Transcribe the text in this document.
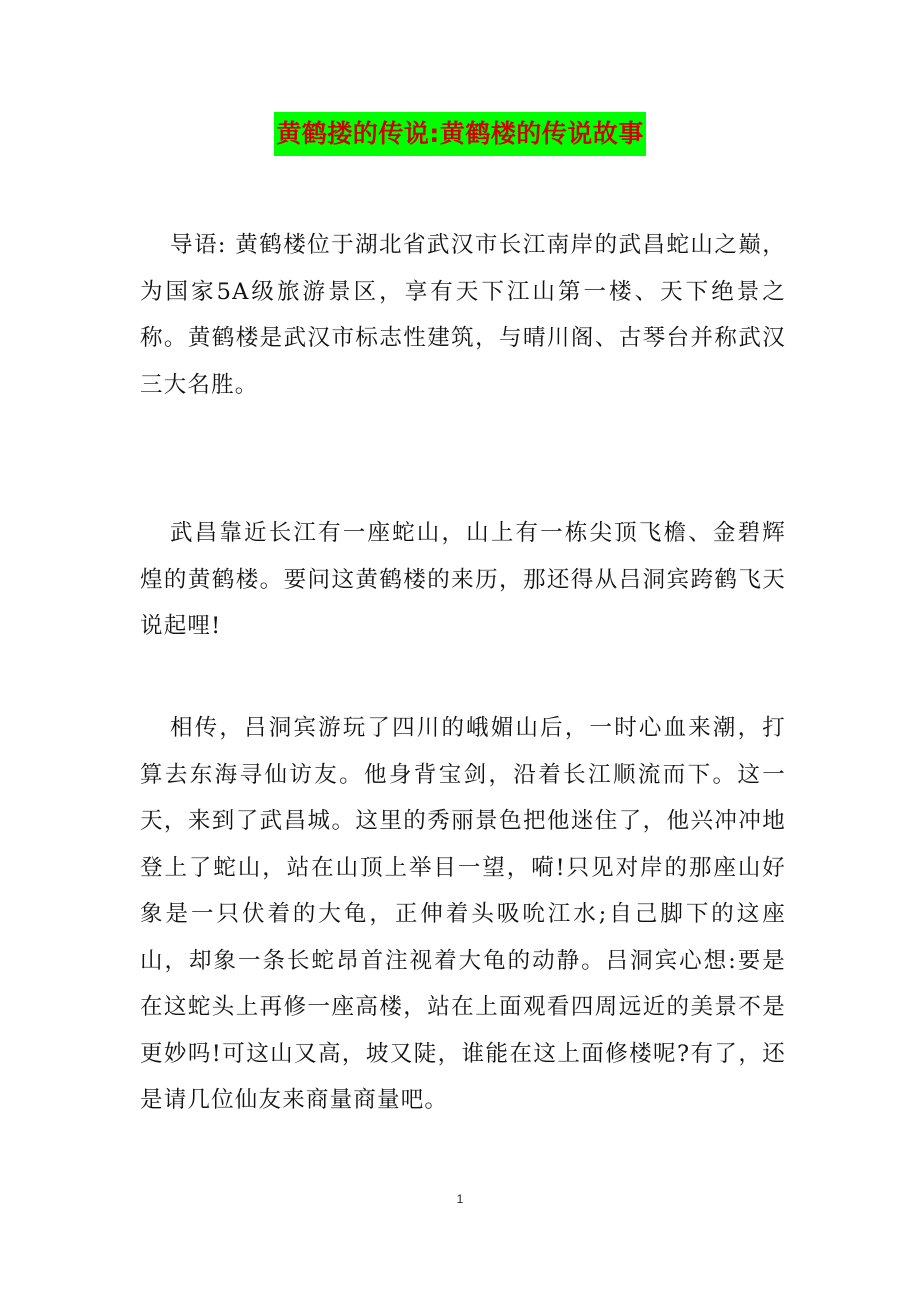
黄鹤搂的传说:黄鹤楼的传说故事

导语: 黄鹤楼位于湖北省武汉市长江南岸的武昌蛇山之巅，为国家5A级旅游景区，享有天下江山第一楼、天下绝景之称。黄鹤楼是武汉市标志性建筑，与晴川阁、古琴台并称武汉三大名胜。

武昌靠近长江有一座蛇山，山上有一栋尖顶飞檐、金碧辉煌的黄鹤楼。要问这黄鹤楼的来历，那还得从吕洞宾跨鹤飞天说起哩!

相传，吕洞宾游玩了四川的峨媚山后，一时心血来潮，打算去东海寻仙访友。他身背宝剑，沿着长江顺流而下。这一天，来到了武昌城。这里的秀丽景色把他迷住了，他兴冲冲地登上了蛇山，站在山顶上举目一望，嗬!只见对岸的那座山好象是一只伏着的大龟，正伸着头吸吮江水;自己脚下的这座山，却象一条长蛇昂首注视着大龟的动静。吕洞宾心想:要是在这蛇头上再修一座高楼，站在上面观看四周远近的美景不是更妙吗!可这山又高，坡又陡，谁能在这上面修楼呢?有了，还是请几位仙友来商量商量吧。

1
